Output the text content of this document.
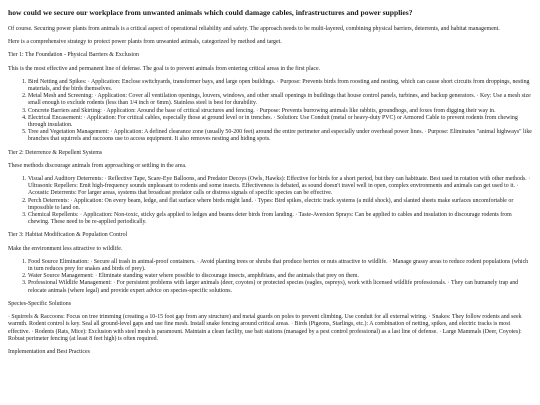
how could we secure our workplace from unwanted animals which could damage cables, infrastructures and power supplies?

Of course. Securing power plants from animals is a critical aspect of operational reliability and safety. The approach needs to be multi-layered, combining physical barriers, deterrents, and habitat management.

Here is a comprehensive strategy to protect power plants from unwanted animals, categorized by method and target.

Tier 1: The Foundation - Physical Barriers & Exclusion

This is the most effective and permanent line of defense. The goal is to prevent animals from entering critical areas in the first place.

1. Bird Netting and Spikes: · Application: Enclose switchyards, transformer bays, and large open buildings. · Purpose: Prevents birds from roosting and nesting, which can cause short circuits from droppings, nesting materials, and the birds themselves.
2. Metal Mesh and Screening: · Application: Cover all ventilation openings, louvers, windows, and other small openings in buildings that house control panels, turbines, and backup generators. · Key: Use a mesh size small enough to exclude rodents (less than 1/4 inch or 6mm). Stainless steel is best for durability.
3. Concrete Barriers and Skirting: · Application: Around the base of critical structures and fencing. · Purpose: Prevents burrowing animals like rabbits, groundhogs, and foxes from digging their way in.
4. Electrical Encasement: · Application: For critical cables, especially those at ground level or in trenches. · Solution: Use Conduit (metal or heavy-duty PVC) or Armored Cable to prevent rodents from chewing through insulation.
5. Tree and Vegetation Management: · Application: A defined clearance zone (usually 50-200 feet) around the entire perimeter and especially under overhead power lines. · Purpose: Eliminates "animal highways" like branches that squirrels and raccoons use to access equipment. It also removes nesting and hiding spots.
Tier 2: Deterrence & Repellent Systems

These methods discourage animals from approaching or settling in the area.

1. Visual and Auditory Deterrents: · Reflective Tape, Scare-Eye Balloons, and Predator Decoys (Owls, Hawks): Effective for birds for a short period, but they can habituate. Best used in rotation with other methods. · Ultrasonic Repellers: Emit high-frequency sounds unpleasant to rodents and some insects. Effectiveness is debated, as sound doesn't travel well in open, complex environments and animals can get used to it. · Acoustic Deterrents: For larger areas, systems that broadcast predator calls or distress signals of specific species can be effective.
2. Perch Deterrents: · Application: On every beam, ledge, and flat surface where birds might land. · Types: Bird spikes, electric track systems (a mild shock), and slanted sheets make surfaces uncomfortable or impossible to land on.
3. Chemical Repellents: · Application: Non-toxic, sticky gels applied to ledges and beams deter birds from landing. · Taste-Aversion Sprays: Can be applied to cables and insulation to discourage rodents from chewing. These need to be re-applied periodically.
Tier 3: Habitat Modification & Population Control

Make the environment less attractive to wildlife.

1. Food Source Elimination: · Secure all trash in animal-proof containers. · Avoid planting trees or shrubs that produce berries or nuts attractive to wildlife. · Manage grassy areas to reduce rodent populations (which in turn reduces prey for snakes and birds of prey).
2. Water Source Management: · Eliminate standing water where possible to discourage insects, amphibians, and the animals that prey on them.
3. Professional Wildlife Management: · For persistent problems with larger animals (deer, coyotes) or protected species (eagles, ospreys), work with licensed wildlife professionals. · They can humanely trap and relocate animals (where legal) and provide expert advice on species-specific solutions.
Species-Specific Solutions
· Squirrels & Raccoons: Focus on tree trimming (creating a 10-15 foot gap from any structure) and metal guards on poles to prevent climbing. Use conduit for all external wiring. · Snakes: They follow rodents and seek warmth. Rodent control is key. Seal all ground-level gaps and use fine mesh. Install snake fencing around critical areas. · Birds (Pigeons, Starlings, etc.): A combination of netting, spikes, and electric tracks is most effective. · Rodents (Rats, Mice): Exclusion with steel mesh is paramount. Maintain a clean facility, use bait stations (managed by a pest control professional) as a last line of defense. · Large Mammals (Deer, Coyotes): Robust perimeter fencing (at least 8 feet high) is often required.
Implementation and Best Practices
